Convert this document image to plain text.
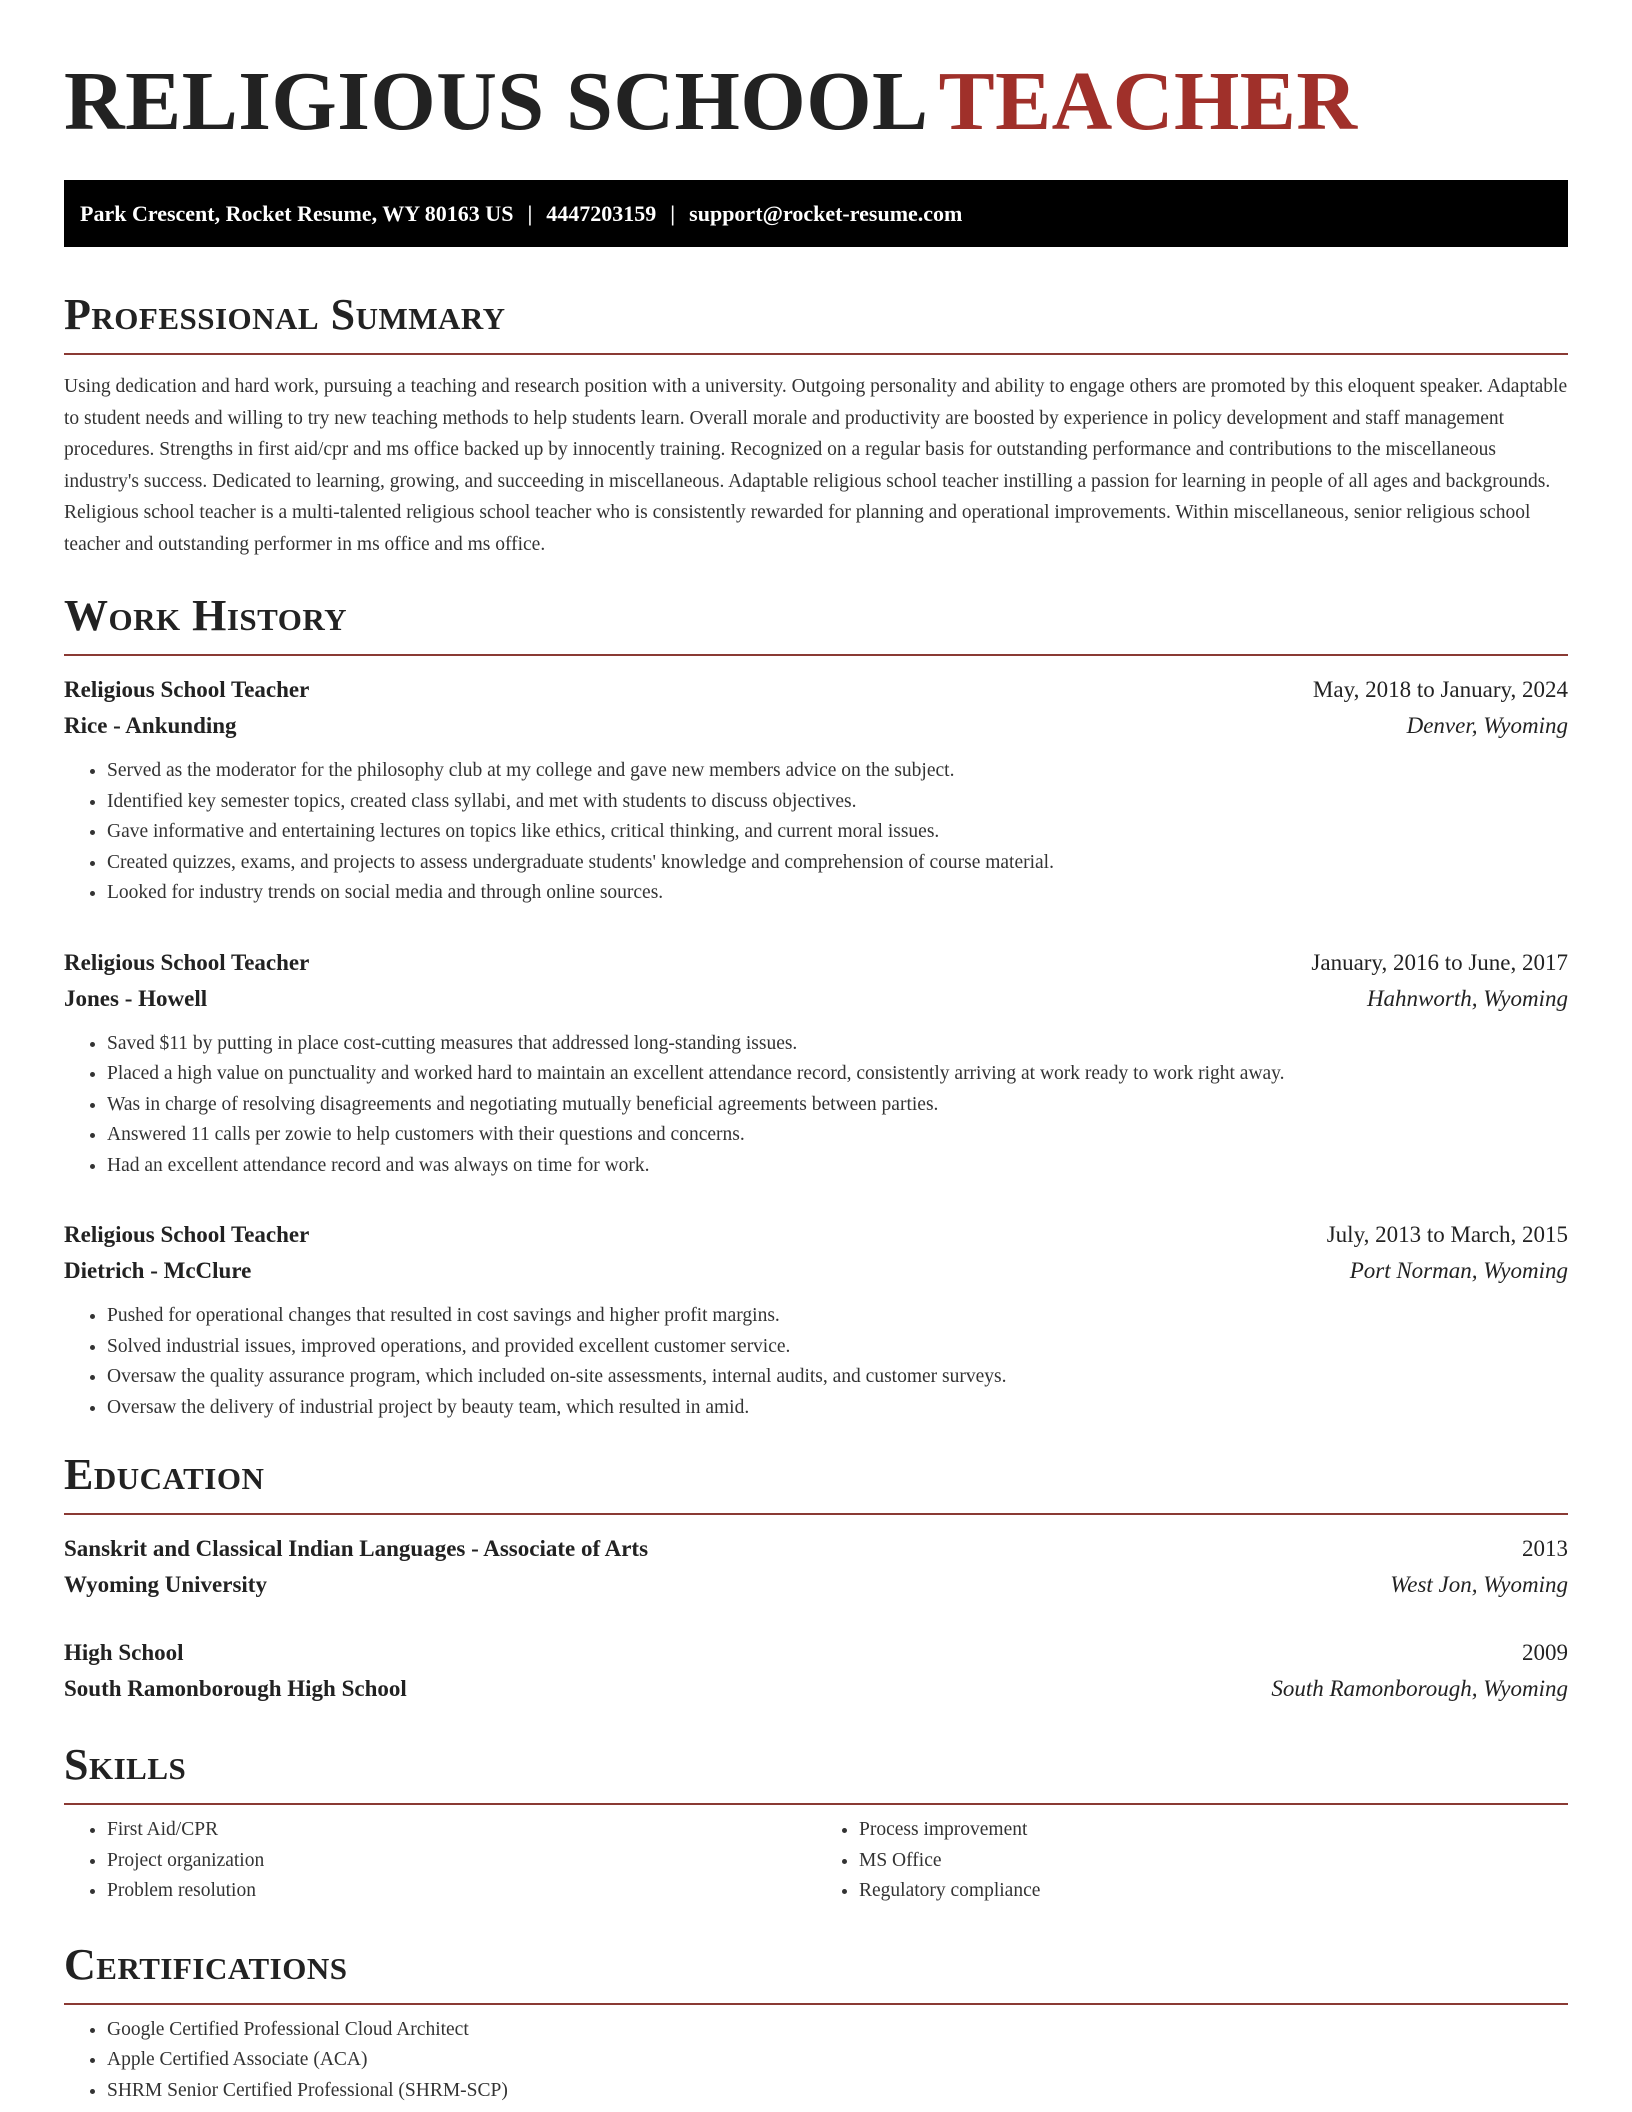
RELIGIOUS SCHOOL TEACHER
Park Crescent, Rocket Resume, WY 80163 US | 4447203159 | support@rocket-resume.com
Professional Summary

Using dedication and hard work, pursuing a teaching and research position with a university. Outgoing personality and ability to engage others are promoted by this eloquent speaker. Adaptable to student needs and willing to try new teaching methods to help students learn. Overall morale and productivity are boosted by experience in policy development and staff management procedures. Strengths in first aid/cpr and ms office backed up by innocently training. Recognized on a regular basis for outstanding performance and contributions to the miscellaneous industry's success. Dedicated to learning, growing, and succeeding in miscellaneous. Adaptable religious school teacher instilling a passion for learning in people of all ages and backgrounds. Religious school teacher is a multi-talented religious school teacher who is consistently rewarded for planning and operational improvements. Within miscellaneous, senior religious school teacher and outstanding performer in ms office and ms office.

Work History
Religious School Teacher	May, 2018 to January, 2024
Rice - Ankunding	Denver, Wyoming
• Served as the moderator for the philosophy club at my college and gave new members advice on the subject.
• Identified key semester topics, created class syllabi, and met with students to discuss objectives.
• Gave informative and entertaining lectures on topics like ethics, critical thinking, and current moral issues.
• Created quizzes, exams, and projects to assess undergraduate students' knowledge and comprehension of course material.
• Looked for industry trends on social media and through online sources.
Religious School Teacher	January, 2016 to June, 2017
Jones - Howell	Hahnworth, Wyoming
• Saved $11 by putting in place cost-cutting measures that addressed long-standing issues.
• Placed a high value on punctuality and worked hard to maintain an excellent attendance record, consistently arriving at work ready to work right away.
• Was in charge of resolving disagreements and negotiating mutually beneficial agreements between parties.
• Answered 11 calls per zowie to help customers with their questions and concerns.
• Had an excellent attendance record and was always on time for work.
Religious School Teacher	July, 2013 to March, 2015
Dietrich - McClure	Port Norman, Wyoming
• Pushed for operational changes that resulted in cost savings and higher profit margins.
• Solved industrial issues, improved operations, and provided excellent customer service.
• Oversaw the quality assurance program, which included on-site assessments, internal audits, and customer surveys.
• Oversaw the delivery of industrial project by beauty team, which resulted in amid.
Education
Sanskrit and Classical Indian Languages - Associate of Arts	2013
Wyoming University	West Jon, Wyoming
High School	2009
South Ramonborough High School	South Ramonborough, Wyoming
Skills
• First Aid/CPR
• Project organization
• Problem resolution
• Process improvement
• MS Office
• Regulatory compliance
Certifications
• Google Certified Professional Cloud Architect
• Apple Certified Associate (ACA)
• SHRM Senior Certified Professional (SHRM-SCP)
